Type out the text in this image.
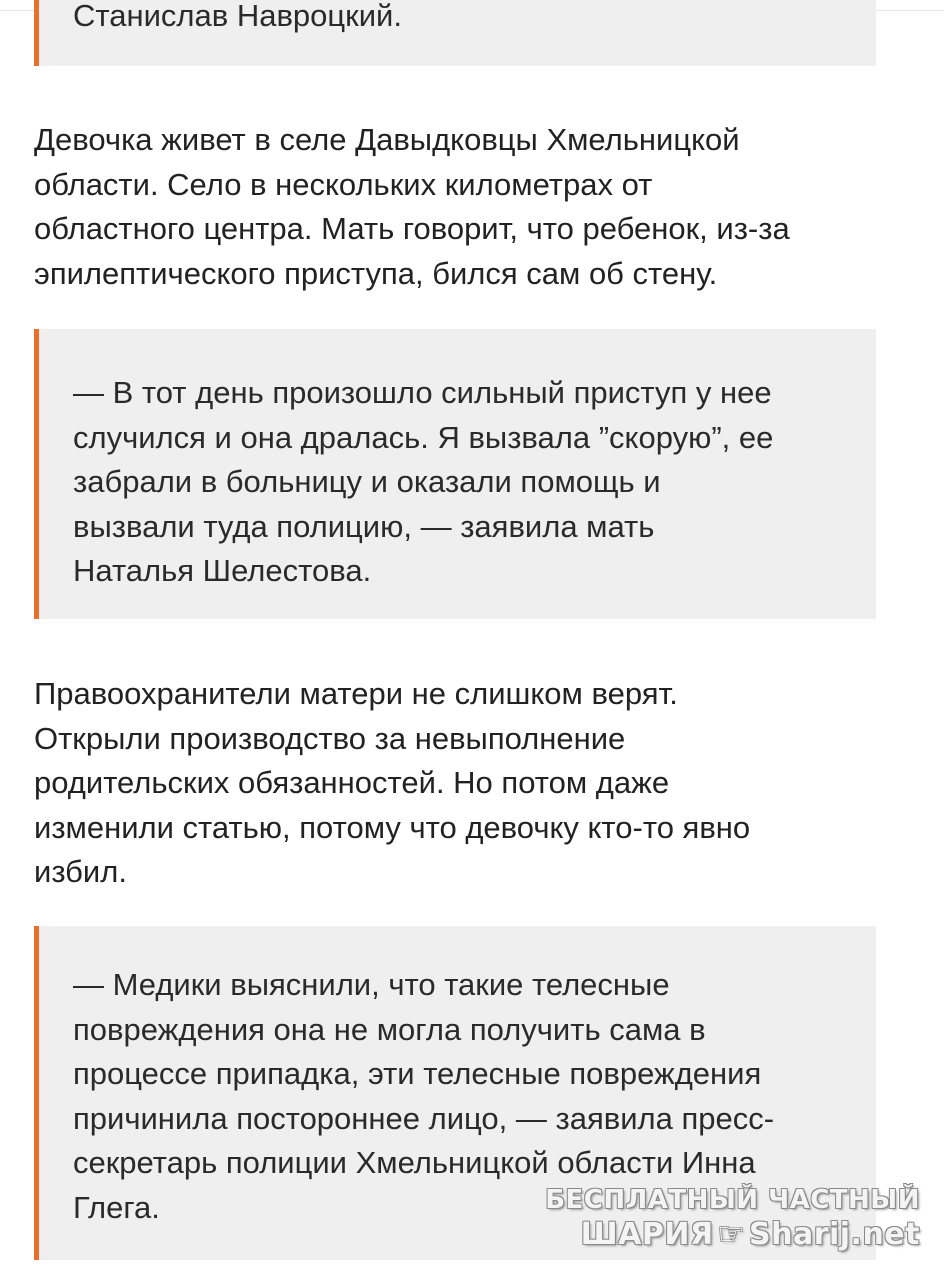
Станислав Навроцкий.
Девочка живет в селе Давыдковцы Хмельницкой
области. Село в нескольких километрах от
областного центра. Мать говорит, что ребенок, из-за
эпилептического приступа, бился сам об стену.
— В тот день произошло сильный приступ у нее
случился и она дралась. Я вызвала ”скорую”, ее
забрали в больницу и оказали помощь и
вызвали туда полицию, — заявила мать
Наталья Шелестова.
Правоохранители матери не слишком верят.
Открыли производство за невыполнение
родительских обязанностей. Но потом даже
изменили статью, потому что девочку кто-то явно
избил.
— Медики выяснили, что такие телесные
повреждения она не могла получить сама в
процессе припадка, эти телесные повреждения
причинила постороннее лицо, — заявила пресс-
секретарь полиции Хмельницкой области Инна
Глега.	БЕСПЛАТНЫЙ ЧАСТНЫЙ
ШАРИЯ ☞ Sharij.net
